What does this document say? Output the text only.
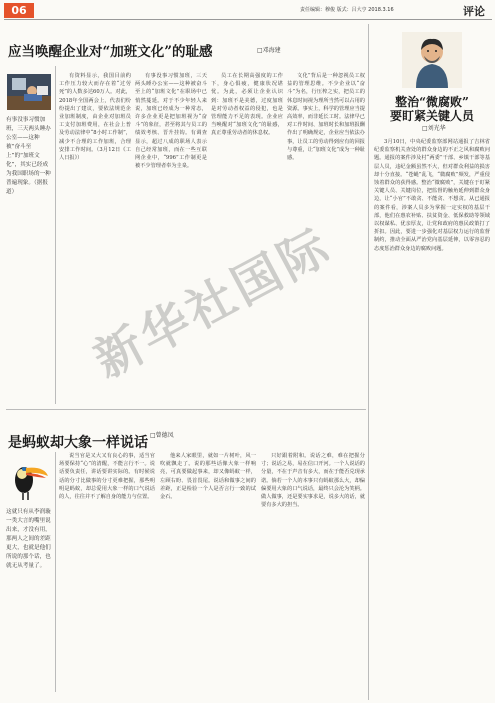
06	责任编辑：穆俊 版式：吕大亨 2018.3.16	评论
应当唤醒企业对“加班文化”的耻感	□邓海建
有事没事习惯加班，三天两头睡办公室——这种被“奋斗至上”的“加班文化”，其实已经成为我国职场的一种普遍现象。（据报道）

有资料显示，我国目前约工作压力较大而存在着“过劳死”的人数多达60万人。对此，2018年全国两会上，代表们纷纷提出了建议，要依法规范企业加班制度，由企业对加班员工支付加班费用，在社会上普及劳动法律中“8小时工作制”，减少不合理的工作加班，合理安排工作时间。（3月12日《工人日报》）

有事没事习惯加班，三天两头睡办公室——这种被奋斗至上的“加班文化”在职场中已悄然蔓延。对于不少年轻人来说，加班已经成为一种常态，许多企业更是把加班视为“奋斗”的象征，甚至将其与员工的绩效考核、晋升挂钩。有调查显示，超过八成的职场人表示自己经常加班，而在一些互联网企业中，“996”工作制更是被不少管理者奉为圭臬。

员工在长期高强度的工作下，身心俱疲，健康状况堪忧。为此，必须让企业认识到：加班不是美德，过度加班是对劳动者权益的侵犯，也是管理能力不足的表现。企业应当唤醒对“加班文化”的耻感，真正尊重劳动者的休息权。

文化”背后是一种忽视员工权益的管理思维。不少企业以“奋斗”为名，行压榨之实，把员工的休息时间视为理所当然可以占用的资源。事实上，科学的管理应当提高效率，而非延长工时。法律早已对工作时间、加班时长和加班报酬作出了明确规定，企业应当依法办事，让员工的劳动得到应有的回报与尊重，让“加班文化”成为一种耻感。

是蚂蚁却大象一样说话 □曾德凤
这就只有从李润璇一类大言的嘴里说出来，才没有用，那两人之间的差距更大，也就是他们所说的那个话，也就无从考量了。

说当官是又大又有良心的事，适当官场要保持“心”的清醒，不能言行不一。说话要负责任，讲话要讲实际的。有时候说话的分寸比做事的分寸更难把握，那些明明是蚂蚁，却总爱用大象一样的口气说话的人，往往并不了解自身的能力与位置。

他来人家眼里，就如一片树叶，风一吹就飘走了。说的那些话像大象一样响亮，可真要做起事来，却又像蚂蚁一样，左顾右盼、畏首畏尾。说话和做事之间的差距，正是检验一个人是否言行一致的试金石。

只好跟着附和。说话之难，难在把握分寸；说话之易，易在信口开河。一个人说话的分量，不在于声音有多大，而在于能否兑现承诺。倘若一个人的本事只有蚂蚁那么大，却偏偏要用大象的口气说话，最终只会沦为笑柄。做人做事，还是要实事求是，说多大的话，就要有多大的担当。

整治“微腐败”
要盯紧关键人员
□刘光华

3月10日，中央纪委监察部网站通报了吉林省纪委监察机关查处的群众身边的不正之风和腐败问题。通报的案件涉及村“两委”干部、乡镇干部等基层人员，违纪金额虽然不大，但对群众利益的损害却十分直接。“苍蝇”乱飞，“微腐败”频发，严重侵蚀着群众的获得感。整治“微腐败”，关键在于盯紧关键人员、关键岗位，把监督的触角延伸到群众身边，让“小官”不敢贪、不能贪、不想贪。从已通报的案件看，涉案人员多为掌握一定实权的基层干部，他们在惠农补贴、扶贫资金、低保救助等领域以权谋私、优亲厚友，让党和政府的惠民政策打了折扣。因此，要进一步强化对基层权力运行的监督制约，推动全面从严治党向基层延伸，以零容忍的态度惩治群众身边的腐败问题。

新华社国际
